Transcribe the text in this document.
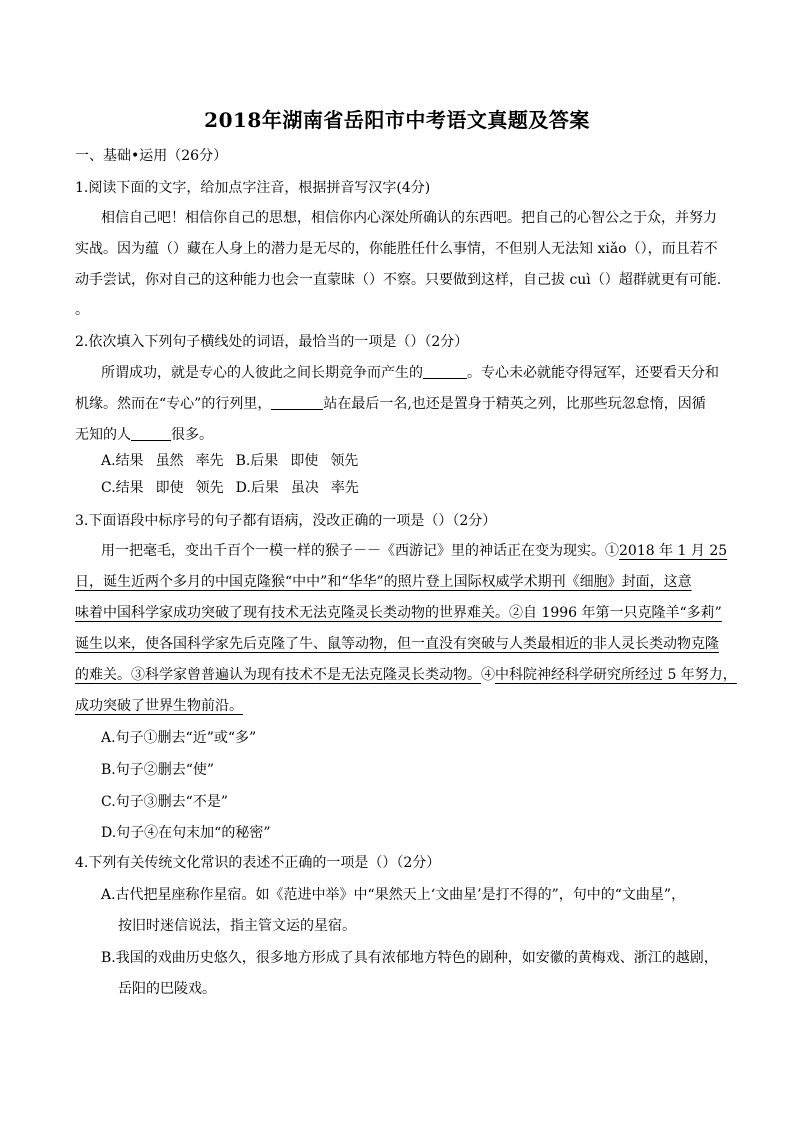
2018年湖南省岳阳市中考语文真题及答案
一、基础•运用（26分）
1.阅读下面的文字，给加点字注音，根据拼音写汉字(4分)
相信自己吧！相信你自己的思想，相信你内心深处所确认的东西吧。把自己的心智公之于众，并努力
实战。因为蕴（）藏在人身上的潜力是无尽的，你能胜任什么事情，不但别人无法知 xiǎo（），而且若不
动手尝试，你对自己的这种能力也会一直蒙昧（）不察。只要做到这样，自己拔 cuì（）超群就更有可能.
。
2.依次填入下列句子横线处的词语，最恰当的一项是（）（2分）
所谓成功，就是专心的人彼此之间长期竞争而产生的	。专心未必就能夺得冠军，还要看天分和
机缘。然而在“专心”的行列里，	站在最后一名,也还是置身于精英之列，比那些玩忽怠惰，因循
无知的人	很多。
A.结果 虽然 率先 B.后果 即使 领先
C.结果 即使 领先 D.后果 虽决 率先
3.下面语段中标序号的句子都有语病，没改正确的一项是（）（2分）
用一把毫毛，变出千百个一模一样的猴子－－《西游记》里的神话正在变为现实。①2018 年 1 月 25
日，诞生近两个多月的中国克隆猴“中中”和“华华”的照片登上国际权威学术期刊《细胞》封面，这意
味着中国科学家成功突破了现有技术无法克隆灵长类动物的世界难关。②自 1996 年第一只克隆羊“多莉”
诞生以来，使各国科学家先后克隆了牛、鼠等动物，但一直没有突破与人类最相近的非人灵长类动物克隆
的难关。③科学家曾普遍认为现有技术不是无法克隆灵长类动物。④中科院神经科学研究所经过 5 年努力，
成功突破了世界生物前沿。
A.句子①删去“近”或“多”
B.句子②删去“使”
C.句子③删去“不是”
D.句子④在句末加“的秘密”
4.下列有关传统文化常识的表述不正确的一项是（）（2分）
A.古代把星座称作星宿。如《范进中举》中“果然天上‘文曲星’是打不得的”，句中的“文曲星”，
按旧时迷信说法，指主管文运的星宿。
B.我国的戏曲历史悠久，很多地方形成了具有浓郁地方特色的剧种，如安徽的黄梅戏、浙江的越剧，
岳阳的巴陵戏。
